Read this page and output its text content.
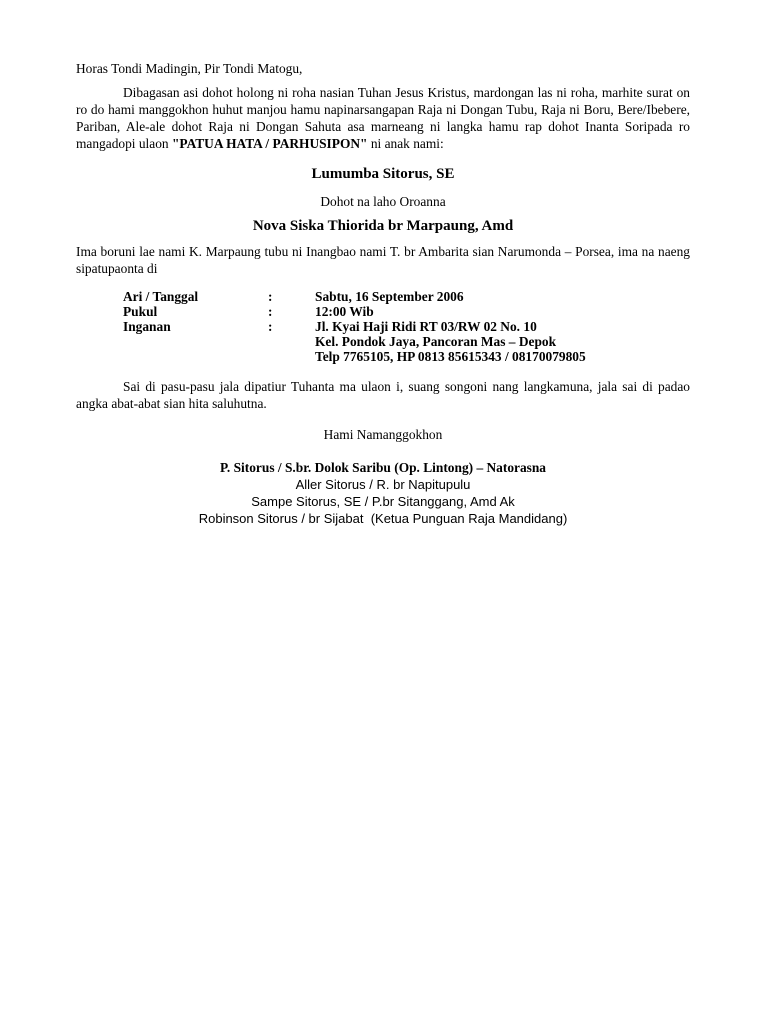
Horas Tondi Madingin, Pir Tondi Matogu,

Dibagasan asi dohot holong ni roha nasian Tuhan Jesus Kristus, mardongan las ni roha, marhite surat on ro do hami manggokhon huhut manjou hamu napinarsangapan Raja ni Dongan Tubu, Raja ni Boru, Bere/Ibebere, Pariban, Ale-ale dohot Raja ni Dongan Sahuta asa marneang ni langka hamu rap dohot Inanta Soripada ro mangadopi ulaon "PATUA HATA / PARHUSIPON" ni anak nami:

Lumumba Sitorus, SE

Dohot na laho Oroanna

Nova Siska Thiorida br Marpaung, Amd

Ima boruni lae nami K. Marpaung tubu ni Inangbao nami T. br Ambarita sian Narumonda – Porsea, ima na naeng sipatupaonta di

Ari / Tanggal	:	Sabtu, 16 September 2006
Pukul	:	12:00 Wib
Inganan	:	Jl. Kyai Haji Ridi RT 03/RW 02 No. 10
Kel. Pondok Jaya, Pancoran Mas – Depok
Telp 7765105, HP 0813 85615343 / 08170079805

Sai di pasu-pasu jala dipatiur Tuhanta ma ulaon i, suang songoni nang langkamuna, jala sai di padao angka abat-abat sian hita saluhutna.

Hami Namanggokhon

P. Sitorus / S.br. Dolok Saribu (Op. Lintong) – Natorasna

Aller Sitorus / R. br Napitupulu

Sampe Sitorus, SE / P.br Sitanggang, Amd Ak

Robinson Sitorus / br Sijabat  (Ketua Punguan Raja Mandidang)
